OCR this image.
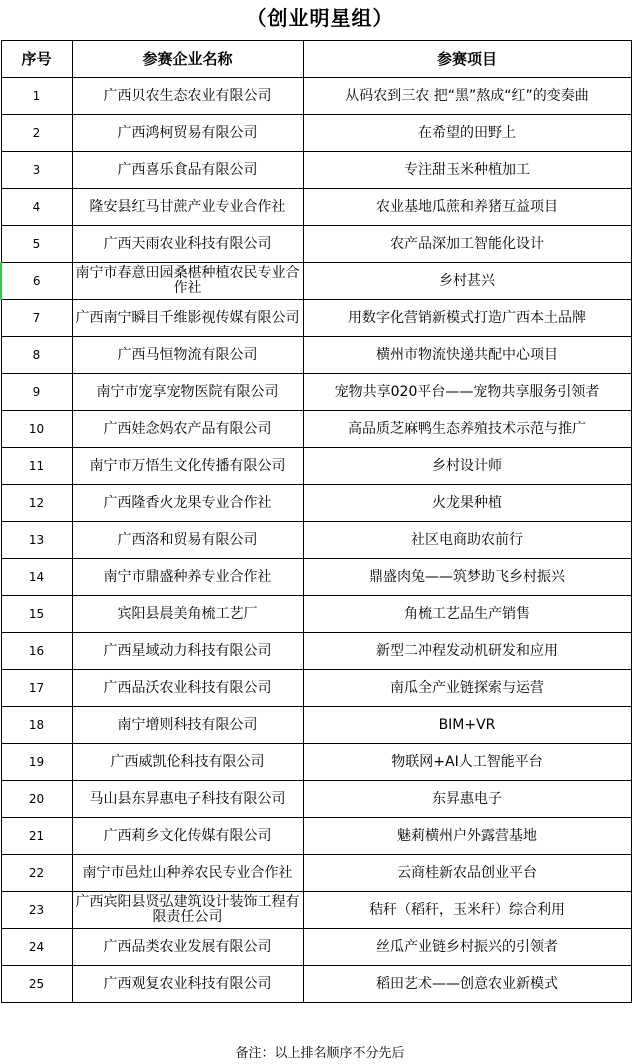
（创业明星组）
序号	参赛企业名称	参赛项目
1	广西贝农生态农业有限公司	从码农到三农 把“黑”熬成“红”的变奏曲
2	广西鸿柯贸易有限公司	在希望的田野上
3	广西喜乐食品有限公司	专注甜玉米种植加工
4	隆安县红马甘蔗产业专业合作社	农业基地瓜蔗和养猪互益项目
5	广西天雨农业科技有限公司	农产品深加工智能化设计
6	南宁市春意田园桑椹种植农民专业合作社	乡村甚兴
7	广西南宁瞬目千维影视传媒有限公司	用数字化营销新模式打造广西本土品牌
8	广西马恒物流有限公司	横州市物流快递共配中心项目
9	南宁市宠享宠物医院有限公司	宠物共享020平台——宠物共享服务引领者
10	广西娃念妈农产品有限公司	高品质芝麻鸭生态养殖技术示范与推广
11	南宁市万悟生文化传播有限公司	乡村设计师
12	广西隆香火龙果专业合作社	火龙果种植
13	广西洛和贸易有限公司	社区电商助农前行
14	南宁市鼎盛种养专业合作社	鼎盛肉兔——筑梦助飞乡村振兴
15	宾阳县晨美角梳工艺厂	角梳工艺品生产销售
16	广西星域动力科技有限公司	新型二冲程发动机研发和应用
17	广西品沃农业科技有限公司	南瓜全产业链探索与运营
18	南宁增则科技有限公司	BIM+VR
19	广西威凯伦科技有限公司	物联网+AI人工智能平台
20	马山县东昇惠电子科技有限公司	东昇惠电子
21	广西莉乡文化传媒有限公司	魅莉横州户外露营基地
22	南宁市邑灶山种养农民专业合作社	云商桂新农品创业平台
23	广西宾阳县贤弘建筑设计装饰工程有限责任公司	秸秆（稻秆，玉米秆）综合利用
24	广西品类农业发展有限公司	丝瓜产业链乡村振兴的引领者
25	广西观复农业科技有限公司	稻田艺术——创意农业新模式
备注：以上排名顺序不分先后
